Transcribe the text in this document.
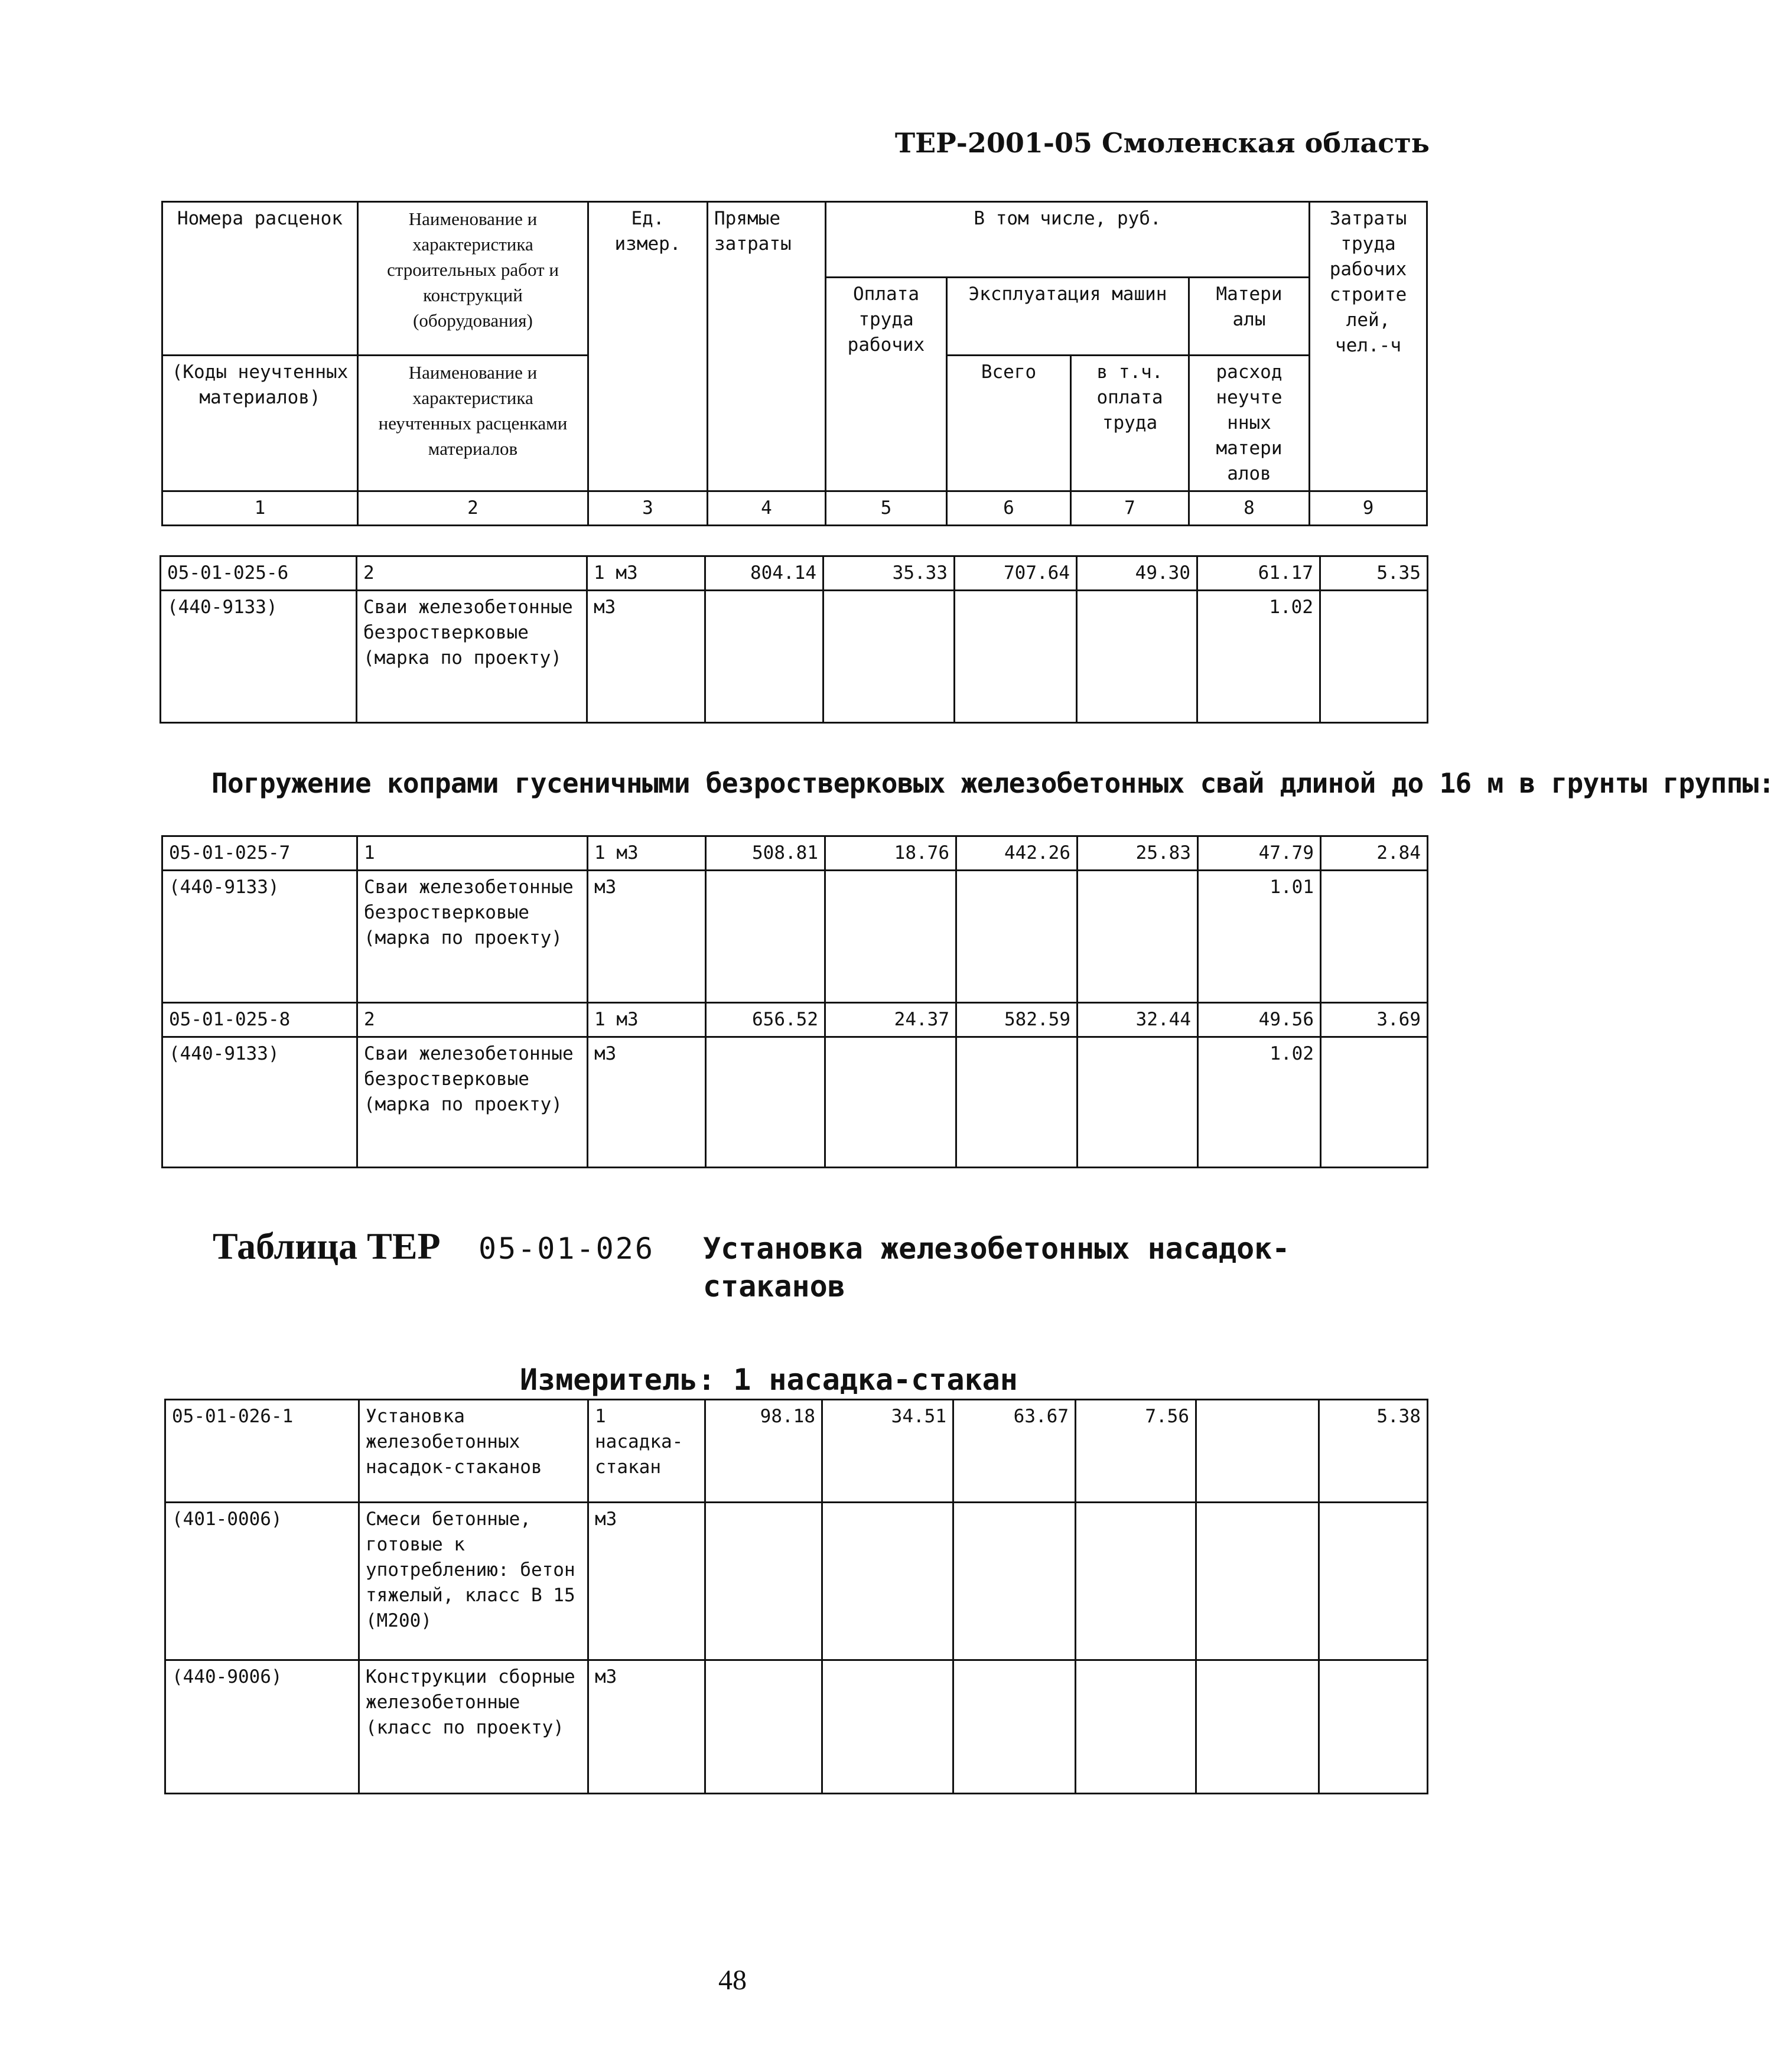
ТЕР-2001-05 Смоленская область
Номера расценок	Наименование и характеристика строительных работ и конструкций (оборудования)	Ед. измер.	Прямые затраты	В том числе, руб.				Затраты труда рабочих строите лей, чел.-ч
				Оплата труда рабочих	Эксплуатация машин		Матери алы	
(Коды неучтенных материалов)	Наименование и характеристика неучтенных расценками материалов				Всего	в т.ч. оплата труда	расход неучте нных матери алов	
1	2	3	4	5	6	7	8	9
05-01-025-6	2	1 м3	804.14	35.33	707.64	49.30	61.17	5.35
(440-9133)	Сваи железобетонные безростверковые (марка по проекту)	м3					1.02	
Погружение копрами гусеничными безростверковых железобетонных свай длиной до 16 м в грунты группы:
05-01-025-7	1	1 м3	508.81	18.76	442.26	25.83	47.79	2.84
(440-9133)	Сваи железобетонные безростверковые (марка по проекту)	м3					1.01	
05-01-025-8	2	1 м3	656.52	24.37	582.59	32.44	49.56	3.69
(440-9133)	Сваи железобетонные безростверковые (марка по проекту)	м3					1.02	
Таблица ТЕР 05-01-026 Установка железобетонных насадок-
стаканов
Измеритель: 1 насадка-стакан
05-01-026-1	Установка железобетонных насадок-стаканов	1 насадка-стакан	98.18	34.51	63.67	7.56		5.38
(401-0006)	Смеси бетонные, готовые к употреблению: бетон тяжелый, класс В 15 (М200)	м3						
(440-9006)	Конструкции сборные железобетонные (класс по проекту)	м3						
48
